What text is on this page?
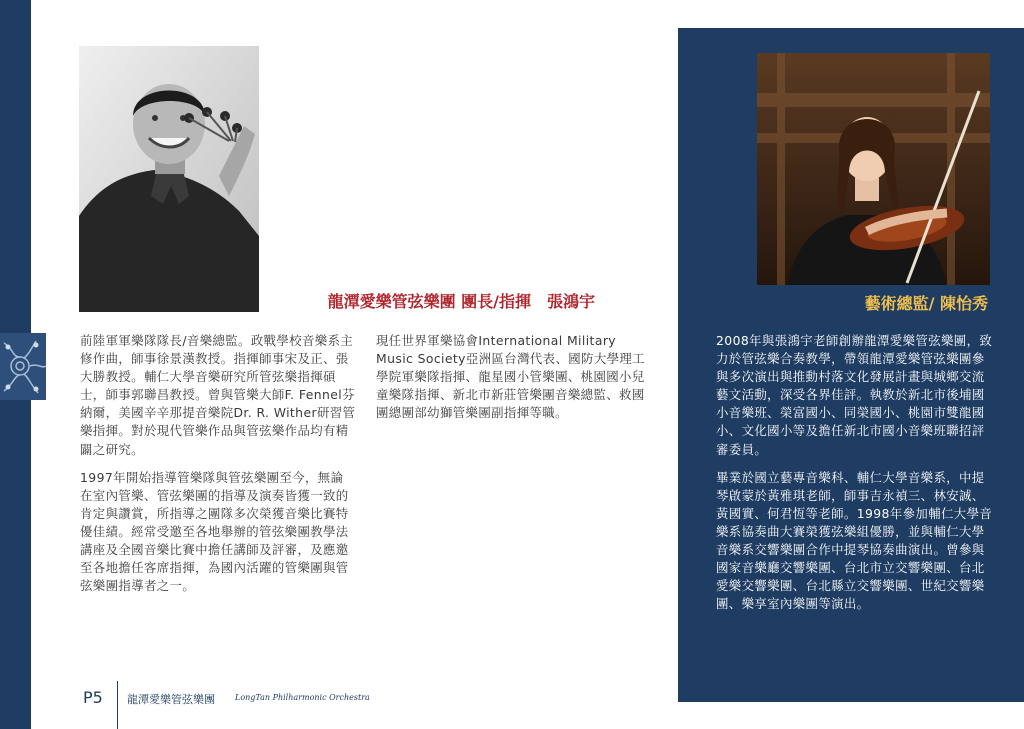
龍潭愛樂管弦樂團 團長/指揮　張鴻宇

前陸軍軍樂隊隊長/音樂總監。政戰學校音樂系主修作曲，師事徐景漢教授。指揮師事宋及正、張大勝教授。輔仁大學音樂研究所管弦樂指揮碩士，師事郭聯昌教授。曾與管樂大師F. Fennel芬納爾，美國辛辛那提音樂院Dr. R. Wither研習管樂指揮。對於現代管樂作品與管弦樂作品均有精闢之研究。

1997年開始指導管樂隊與管弦樂團至今，無論在室內管樂、管弦樂團的指導及演奏皆獲一致的肯定與讚賞，所指導之團隊多次榮獲音樂比賽特優佳績。經常受邀至各地舉辦的管弦樂團教學法講座及全國音樂比賽中擔任講師及評審，及應邀至各地擔任客席指揮，為國內活躍的管樂團與管弦樂團指導者之一。

現任世界軍樂協會International Military Music Society亞洲區台灣代表、國防大學理工學院軍樂隊指揮、龍星國小管樂團、桃園國小兒童樂隊指揮、新北市新莊管樂團音樂總監、救國團總團部幼獅管樂團副指揮等職。

藝術總監/ 陳怡秀

2008年與張鴻宇老師創辦龍潭愛樂管弦樂團，致力於管弦樂合奏教學，帶領龍潭愛樂管弦樂團參與多次演出與推動村落文化發展計畫與城鄉交流藝文活動，深受各界佳評。執教於新北市後埔國小音樂班、榮富國小、同榮國小、桃園市雙龍國小、文化國小等及擔任新北市國小音樂班聯招評審委員。

畢業於國立藝專音樂科、輔仁大學音樂系，中提琴啟蒙於黃雅琪老師，師事吉永禎三、林安誠、黃國實、何君恆等老師。1998年參加輔仁大學音樂系協奏曲大賽榮獲弦樂組優勝，並與輔仁大學音樂系交響樂團合作中提琴協奏曲演出。曾參與國家音樂廳交響樂團、台北市立交響樂團、台北愛樂交響樂團、台北縣立交響樂團、世紀交響樂團、樂享室內樂團等演出。

P5 龍潭愛樂管弦樂團	LongTan Philharmonic Orchestra
